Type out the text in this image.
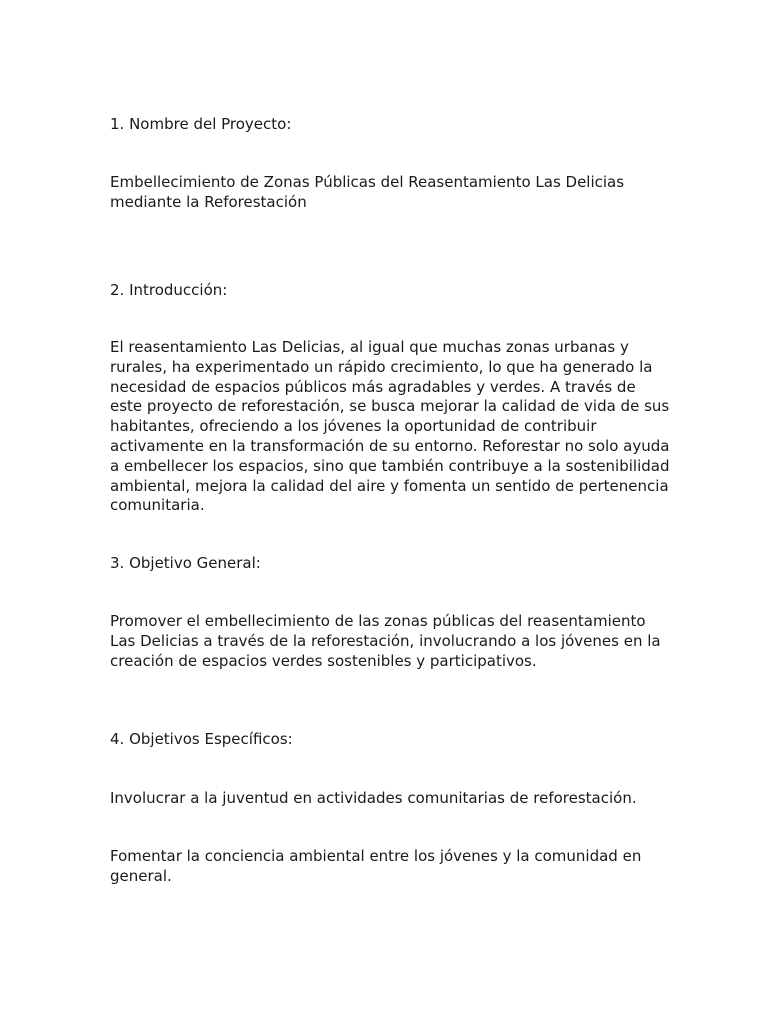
1. Nombre del Proyecto:

Embellecimiento de Zonas Públicas del Reasentamiento Las Delicias mediante la Reforestación

2. Introducción:

El reasentamiento Las Delicias, al igual que muchas zonas urbanas y rurales, ha experimentado un rápido crecimiento, lo que ha generado la necesidad de espacios públicos más agradables y verdes. A través de este proyecto de reforestación, se busca mejorar la calidad de vida de sus habitantes, ofreciendo a los jóvenes la oportunidad de contribuir activamente en la transformación de su entorno. Reforestar no solo ayuda a embellecer los espacios, sino que también contribuye a la sostenibilidad ambiental, mejora la calidad del aire y fomenta un sentido de pertenencia comunitaria.

3. Objetivo General:

Promover el embellecimiento de las zonas públicas del reasentamiento Las Delicias a través de la reforestación, involucrando a los jóvenes en la creación de espacios verdes sostenibles y participativos.

4. Objetivos Específicos:

Involucrar a la juventud en actividades comunitarias de reforestación.

Fomentar la conciencia ambiental entre los jóvenes y la comunidad en general.
